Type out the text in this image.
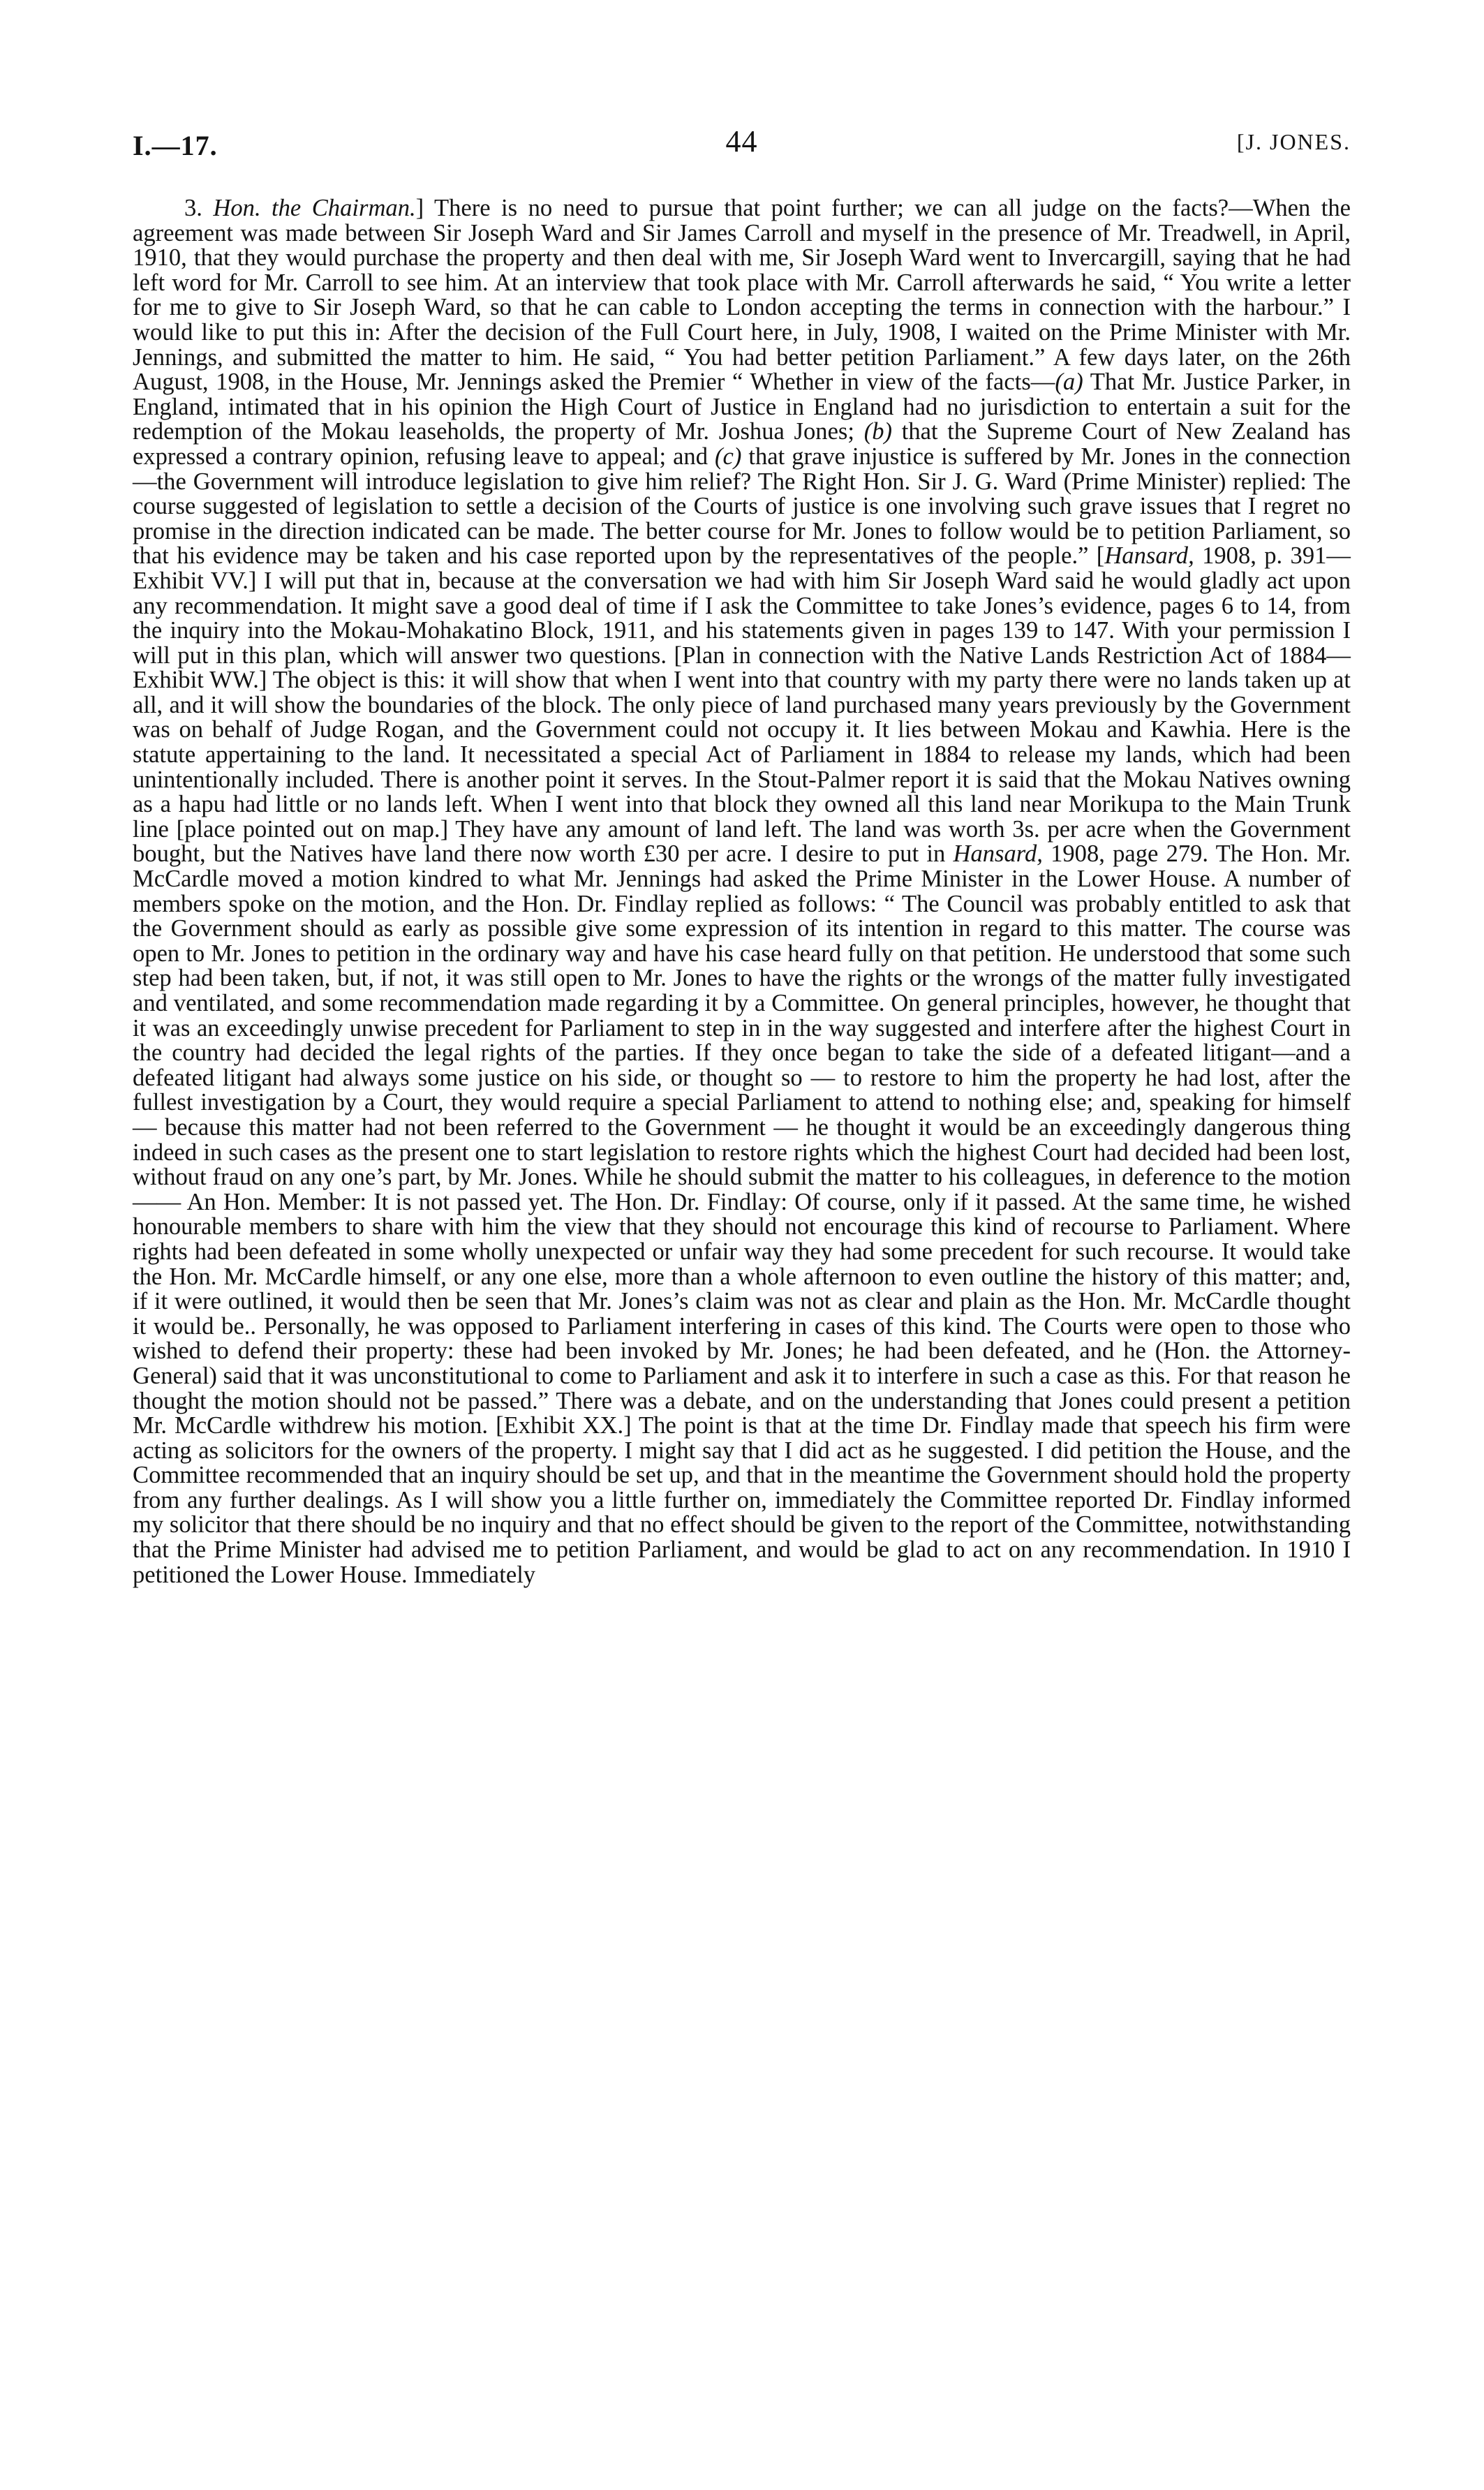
I.—17.	44	[J. JONES.

3. Hon. the Chairman.] There is no need to pursue that point further; we can all judge on the facts?—When the agreement was made between Sir Joseph Ward and Sir James Carroll and myself in the presence of Mr. Treadwell, in April, 1910, that they would purchase the property and then deal with me, Sir Joseph Ward went to Invercargill, saying that he had left word for Mr. Carroll to see him. At an interview that took place with Mr. Carroll afterwards he said, “ You write a letter for me to give to Sir Joseph Ward, so that he can cable to London accepting the terms in connection with the harbour.” I would like to put this in: After the decision of the Full Court here, in July, 1908, I waited on the Prime Minister with Mr. Jennings, and submitted the matter to him. He said, “ You had better petition Parliament.” A few days later, on the 26th August, 1908, in the House, Mr. Jennings asked the Premier “ Whether in view of the facts—(a) That Mr. Justice Parker, in England, intimated that in his opinion the High Court of Justice in England had no jurisdiction to entertain a suit for the redemption of the Mokau leaseholds, the property of Mr. Joshua Jones; (b) that the Supreme Court of New Zealand has expressed a contrary opinion, refusing leave to appeal; and (c) that grave injustice is suffered by Mr. Jones in the connection—the Government will introduce legislation to give him relief? The Right Hon. Sir J. G. Ward (Prime Minister) replied: The course suggested of legislation to settle a decision of the Courts of justice is one involving such grave issues that I regret no promise in the direction indicated can be made. The better course for Mr. Jones to follow would be to petition Parliament, so that his evidence may be taken and his case reported upon by the representatives of the people.” [Hansard, 1908, p. 391—Exhibit VV.] I will put that in, because at the conversation we had with him Sir Joseph Ward said he would gladly act upon any recommendation. It might save a good deal of time if I ask the Committee to take Jones’s evidence, pages 6 to 14, from the inquiry into the Mokau-Mohakatino Block, 1911, and his statements given in pages 139 to 147. With your permission I will put in this plan, which will answer two questions. [Plan in connection with the Native Lands Restriction Act of 1884—Exhibit WW.] The object is this: it will show that when I went into that country with my party there were no lands taken up at all, and it will show the boundaries of the block. The only piece of land purchased many years previously by the Government was on behalf of Judge Rogan, and the Government could not occupy it. It lies between Mokau and Kawhia. Here is the statute appertaining to the land. It necessitated a special Act of Parliament in 1884 to release my lands, which had been unintentionally included. There is another point it serves. In the Stout-Palmer report it is said that the Mokau Natives owning as a hapu had little or no lands left. When I went into that block they owned all this land near Morikupa to the Main Trunk line [place pointed out on map.] They have any amount of land left. The land was worth 3s. per acre when the Government bought, but the Natives have land there now worth £30 per acre. I desire to put in Hansard, 1908, page 279. The Hon. Mr. McCardle moved a motion kindred to what Mr. Jennings had asked the Prime Minister in the Lower House. A number of members spoke on the motion, and the Hon. Dr. Findlay replied as follows: “ The Council was probably entitled to ask that the Government should as early as possible give some expression of its intention in regard to this matter. The course was open to Mr. Jones to petition in the ordinary way and have his case heard fully on that petition. He understood that some such step had been taken, but, if not, it was still open to Mr. Jones to have the rights or the wrongs of the matter fully investigated and ventilated, and some recommendation made regarding it by a Committee. On general principles, however, he thought that it was an exceedingly unwise precedent for Parliament to step in in the way suggested and interfere after the highest Court in the country had decided the legal rights of the parties. If they once began to take the side of a defeated litigant—and a defeated litigant had always some justice on his side, or thought so — to restore to him the property he had lost, after the fullest investigation by a Court, they would require a special Parliament to attend to nothing else; and, speaking for himself — because this matter had not been referred to the Government — he thought it would be an exceedingly dangerous thing indeed in such cases as the present one to start legislation to restore rights which the highest Court had decided had been lost, without fraud on any one’s part, by Mr. Jones. While he should submit the matter to his colleagues, in deference to the motion—— An Hon. Member: It is not passed yet. The Hon. Dr. Findlay: Of course, only if it passed. At the same time, he wished honourable members to share with him the view that they should not encourage this kind of recourse to Parliament. Where rights had been defeated in some wholly unexpected or unfair way they had some precedent for such recourse. It would take the Hon. Mr. McCardle himself, or any one else, more than a whole afternoon to even outline the history of this matter; and, if it were outlined, it would then be seen that Mr. Jones’s claim was not as clear and plain as the Hon. Mr. McCardle thought it would be.. Personally, he was opposed to Parliament interfering in cases of this kind. The Courts were open to those who wished to defend their property: these had been invoked by Mr. Jones; he had been defeated, and he (Hon. the Attorney-General) said that it was unconstitutional to come to Parliament and ask it to interfere in such a case as this. For that reason he thought the motion should not be passed.” There was a debate, and on the understanding that Jones could present a petition Mr. McCardle withdrew his motion. [Exhibit XX.] The point is that at the time Dr. Findlay made that speech his firm were acting as solicitors for the owners of the property. I might say that I did act as he suggested. I did petition the House, and the Committee recommended that an inquiry should be set up, and that in the meantime the Government should hold the property from any further dealings. As I will show you a little further on, immediately the Committee reported Dr. Findlay informed my solicitor that there should be no inquiry and that no effect should be given to the report of the Committee, notwithstanding that the Prime Minister had advised me to petition Parliament, and would be glad to act on any recommendation. In 1910 I petitioned the Lower House. Immediately
